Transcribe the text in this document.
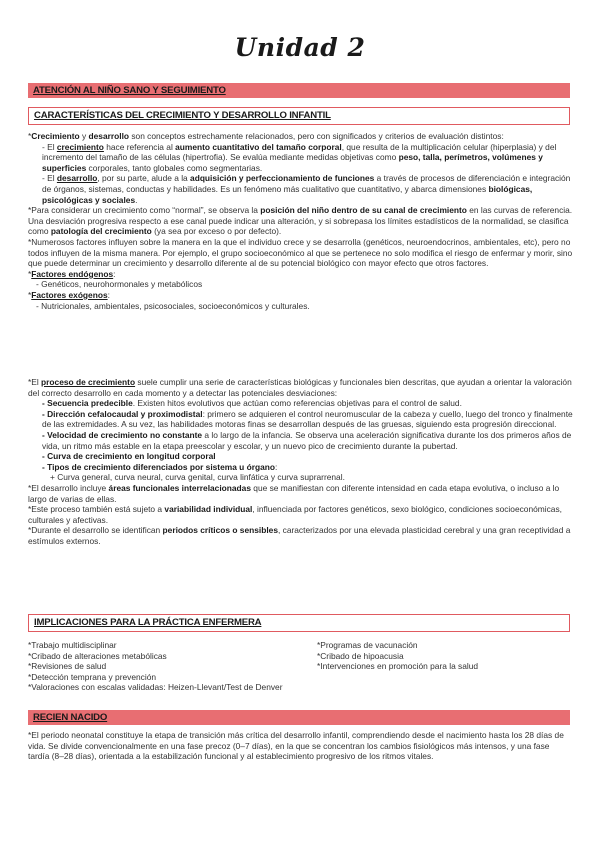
Unidad 2
ATENCIÓN AL NIÑO SANO Y SEGUIMIENTO
CARACTERÍSTICAS DEL CRECIMIENTO Y DESARROLLO INFANTIL

*Crecimiento y desarrollo son conceptos estrechamente relacionados, pero con significados y criterios de evaluación distintos:

- El crecimiento hace referencia al aumento cuantitativo del tamaño corporal, que resulta de la multiplicación celular (hiperplasia) y del incremento del tamaño de las células (hipertrofia). Se evalúa mediante medidas objetivas como peso, talla, perímetros, volúmenes y superficies corporales, tanto globales como segmentarias.

- El desarrollo, por su parte, alude a la adquisición y perfeccionamiento de funciones a través de procesos de diferenciación e integración de órganos, sistemas, conductas y habilidades. Es un fenómeno más cualitativo que cuantitativo, y abarca dimensiones biológicas, psicológicas y sociales.

*Para considerar un crecimiento como “normal”, se observa la posición del niño dentro de su canal de crecimiento en las curvas de referencia. Una desviación progresiva respecto a ese canal puede indicar una alteración, y si sobrepasa los límites estadísticos de la normalidad, se clasifica como patología del crecimiento (ya sea por exceso o por defecto).

*Numerosos factores influyen sobre la manera en la que el individuo crece y se desarrolla (genéticos, neuroendocrinos, ambientales, etc), pero no todos influyen de la misma manera. Por ejemplo, el grupo socioeconómico al que se pertenece no solo modifica el riesgo de enfermar y morir, sino que puede determinar un crecimiento y desarrollo diferente al de su potencial biológico con mayor efecto que otros factores.

*Factores endógenos:

- Genéticos, neurohormonales y metabólicos

*Factores exógenos:

- Nutricionales, ambientales, psicosociales, socioeconómicos y culturales.

*El proceso de crecimiento suele cumplir una serie de características biológicas y funcionales bien descritas, que ayudan a orientar la valoración del correcto desarrollo en cada momento y a detectar las potenciales desviaciones:

- Secuencia predecible. Existen hitos evolutivos que actúan como referencias objetivas para el control de salud.

- Dirección cefalocaudal y proximodistal: primero se adquieren el control neuromuscular de la cabeza y cuello, luego del tronco y finalmente de las extremidades. A su vez, las habilidades motoras finas se desarrollan después de las gruesas, siguiendo esta progresión direccional.

- Velocidad de crecimiento no constante a lo largo de la infancia. Se observa una aceleración significativa durante los dos primeros años de vida, un ritmo más estable en la etapa preescolar y escolar, y un nuevo pico de crecimiento durante la pubertad.

- Curva de crecimiento en longitud corporal

- Tipos de crecimiento diferenciados por sistema u órgano:

+ Curva general, curva neural, curva genital, curva linfática y curva suprarrenal.

*El desarrollo incluye áreas funcionales interrelacionadas que se manifiestan con diferente intensidad en cada etapa evolutiva, o incluso a lo largo de varias de ellas.

*Este proceso también está sujeto a variabilidad individual, influenciada por factores genéticos, sexo biológico, condiciones socioeconómicas, culturales y afectivas.

*Durante el desarrollo se identifican periodos críticos o sensibles, caracterizados por una elevada plasticidad cerebral y una gran receptividad a estímulos externos.

IMPLICACIONES PARA LA PRÁCTICA ENFERMERA

*Trabajo multidisciplinar

*Cribado de alteraciones metabólicas

*Revisiones de salud

*Detección temprana y prevención

*Valoraciones con escalas validadas: Heizen-Llevant/Test de Denver

*Programas de vacunación

*Cribado de hipoacusia

*Intervenciones en promoción para la salud

RECIEN NACIDO

*El periodo neonatal constituye la etapa de transición más crítica del desarrollo infantil, comprendiendo desde el nacimiento hasta los 28 días de vida. Se divide convencionalmente en una fase precoz (0–7 días), en la que se concentran los cambios fisiológicos más intensos, y una fase tardía (8–28 días), orientada a la estabilización funcional y al establecimiento progresivo de los ritmos vitales.
